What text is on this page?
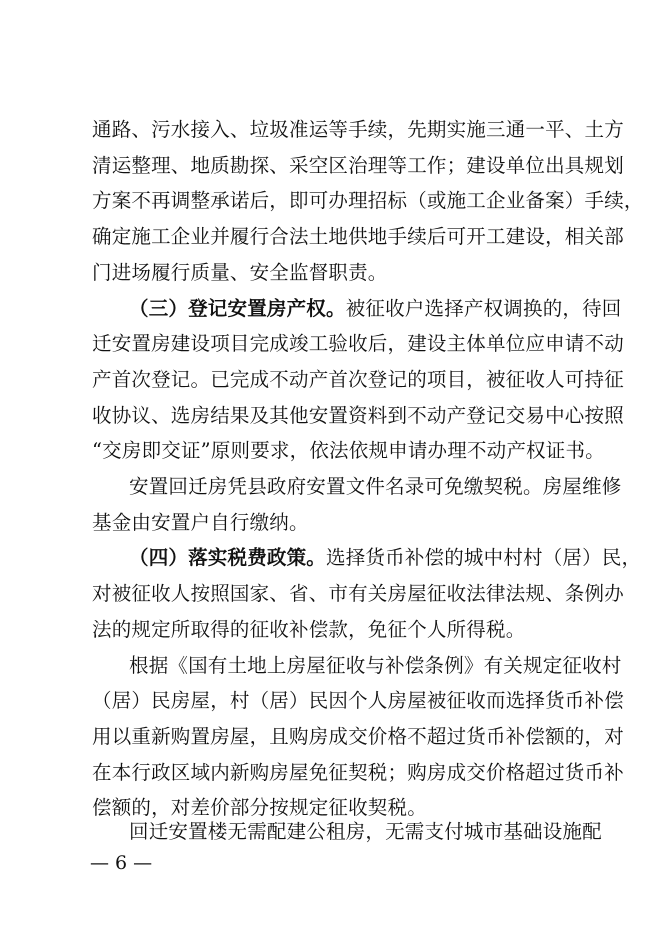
通路、污水接入、垃圾准运等手续，先期实施三通一平、土方
清运整理、地质勘探、采空区治理等工作；建设单位出具规划
方案不再调整承诺后，即可办理招标（或施工企业备案）手续，
确定施工企业并履行合法土地供地手续后可开工建设，相关部
门进场履行质量、安全监督职责。
（三）登记安置房产权。被征收户选择产权调换的，待回
迁安置房建设项目完成竣工验收后，建设主体单位应申请不动
产首次登记。已完成不动产首次登记的项目，被征收人可持征
收协议、选房结果及其他安置资料到不动产登记交易中心按照
“交房即交证”原则要求，依法依规申请办理不动产权证书。
安置回迁房凭县政府安置文件名录可免缴契税。房屋维修
基金由安置户自行缴纳。
（四）落实税费政策。选择货币补偿的城中村村（居）民，
对被征收人按照国家、省、市有关房屋征收法律法规、条例办
法的规定所取得的征收补偿款，免征个人所得税。
根据《国有土地上房屋征收与补偿条例》有关规定征收村
（居）民房屋，村（居）民因个人房屋被征收而选择货币补偿
用以重新购置房屋，且购房成交价格不超过货币补偿额的，对
在本行政区域内新购房屋免征契税；购房成交价格超过货币补
偿额的，对差价部分按规定征收契税。
回迁安置楼无需配建公租房，无需支付城市基础设施配
— 6 —
